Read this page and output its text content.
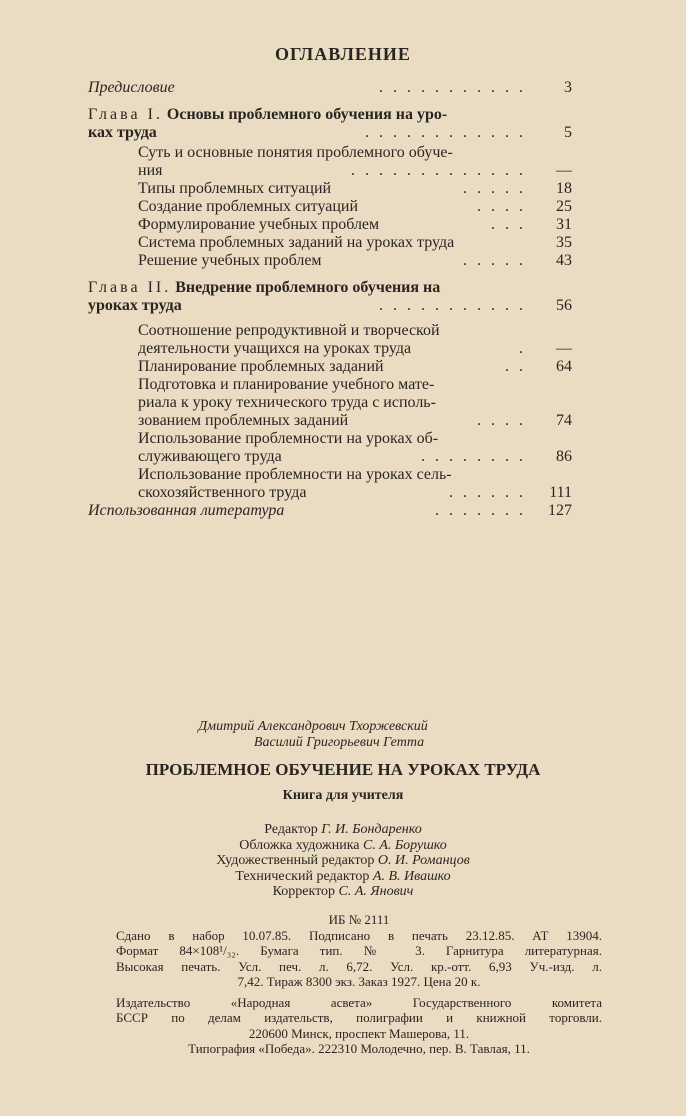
ОГЛАВЛЕНИЕ
Предисловие	. . . . . . . . . . .	3
Глава I. Основы проблемного обучения на уро-
ках труда	. . . . . . . . . . . .	5
Суть и основные понятия проблемного обуче-
ния	. . . . . . . . . . . . .	—
Типы проблемных ситуаций	. . . . .	18
Создание проблемных ситуаций	. . . .	25
Формулирование учебных проблем	. . .	31
Система проблемных заданий на уроках труда	35
Решение учебных проблем	. . . . .	43
Глава II. Внедрение проблемного обучения на
уроках труда	. . . . . . . . . . .	56
Соотношение репродуктивной и творческой
деятельности учащихся на уроках труда	.	—
Планирование проблемных заданий	. .	64
Подготовка и планирование учебного мате-
риала к уроку технического труда с исполь-
зованием проблемных заданий	. . . .	74
Использование проблемности на уроках об-
служивающего труда	. . . . . . . .	86
Использование проблемности на уроках сель-
скохозяйственного труда	. . . . . .	111
Использованная литература	. . . . . . .	127
Дмитрий Александрович Тхоржевский
Василий Григорьевич Гетта
ПРОБЛЕМНОЕ ОБУЧЕНИЕ НА УРОКАХ ТРУДА
Книга для учителя
Редактор Г. И. Бондаренко
Обложка художника С. А. Борушко
Художественный редактор О. И. Романцов
Технический редактор А. В. Ивашко
Корректор С. А. Янович
ИБ № 2111
Сдано в набор 10.07.85. Подписано в печать 23.12.85. АТ 13904.
Формат 84×108¹/₃₂. Бумага тип. № 3. Гарнитура литературная.
Высокая печать. Усл. печ. л. 6,72. Усл. кр.-отт. 6,93 Уч.-изд. л.
7,42. Тираж 8300 экз. Заказ 1927. Цена 20 к.
Издательство «Народная асвета» Государственного комитета
БССР по делам издательств, полиграфии и книжной торговли.
220600 Минск, проспект Машерова, 11.
Типография «Победа». 222310 Молодечно, пер. В. Тавлая, 11.
